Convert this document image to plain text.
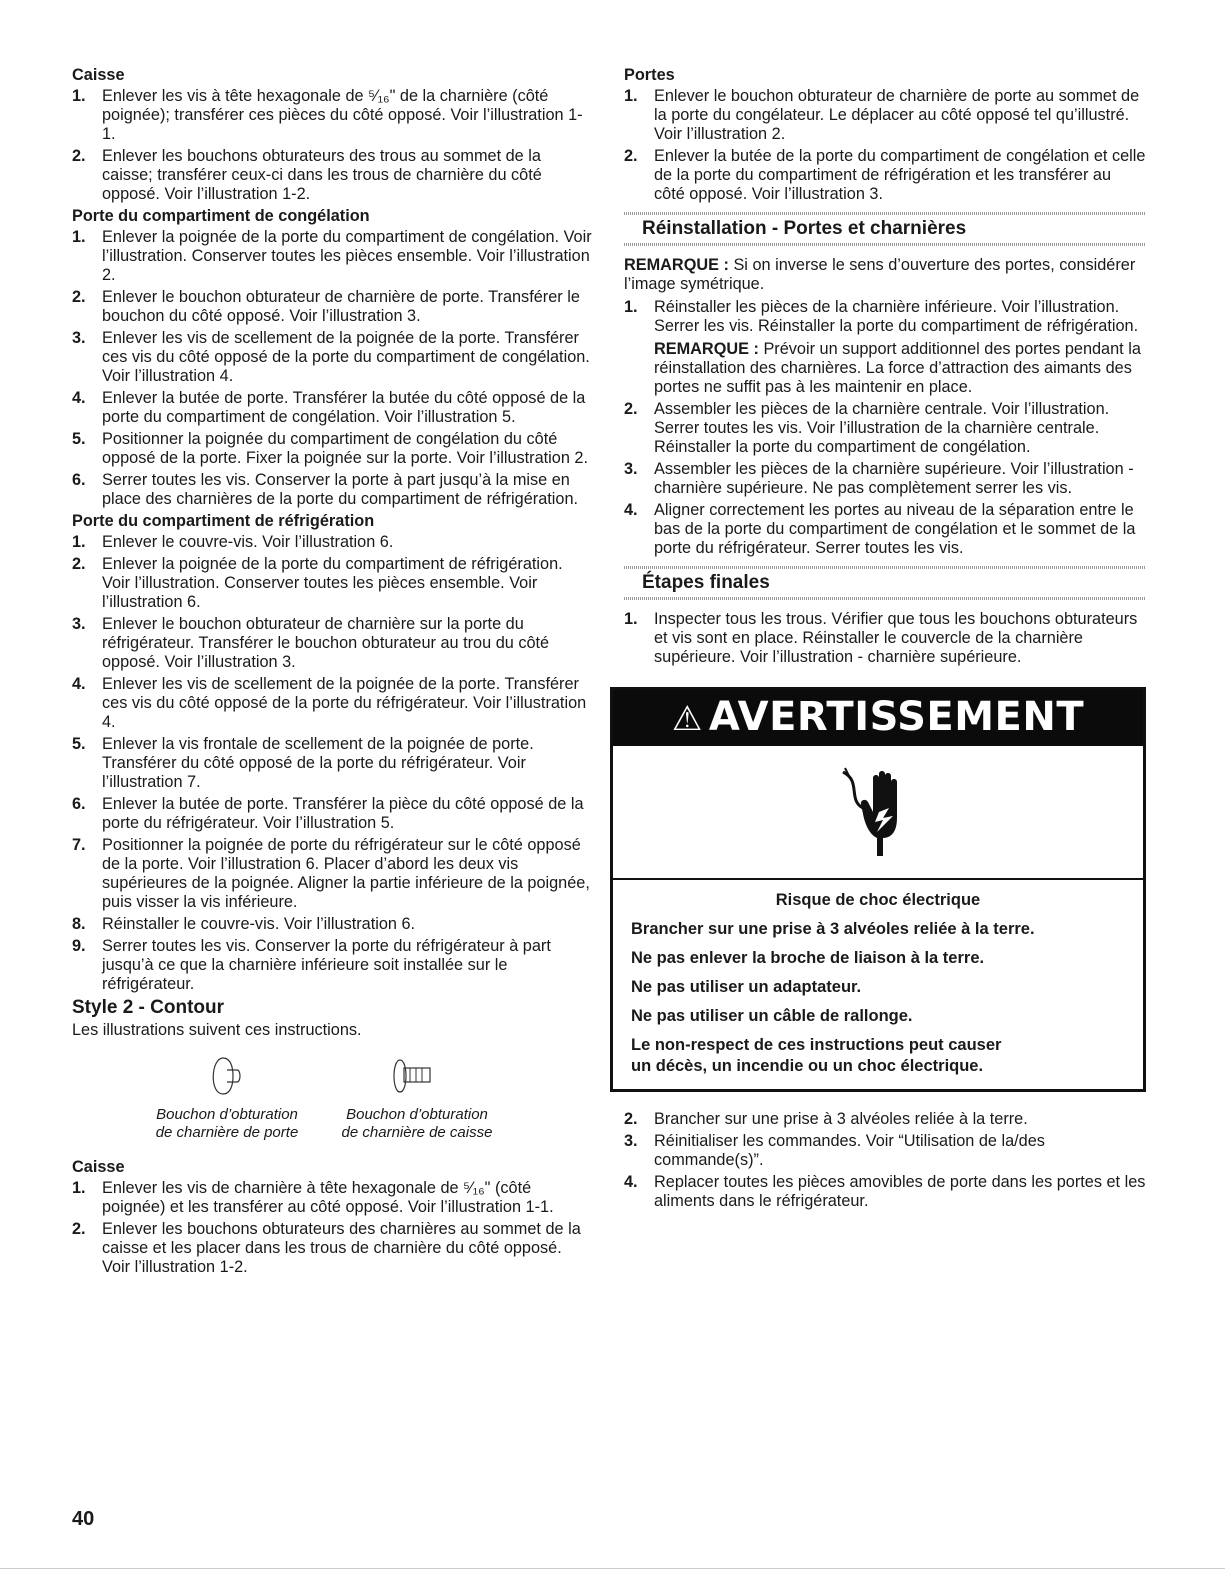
Caisse
1. Enlever les vis à tête hexagonale de ⁵⁄₁₆" de la charnière (côté poignée); transférer ces pièces du côté opposé. Voir l’illustration 1-1.
2. Enlever les bouchons obturateurs des trous au sommet de la caisse; transférer ceux-ci dans les trous de charnière du côté opposé. Voir l’illustration 1-2.
Porte du compartiment de congélation
1. Enlever la poignée de la porte du compartiment de congélation. Voir l’illustration. Conserver toutes les pièces ensemble. Voir l’illustration 2.
2. Enlever le bouchon obturateur de charnière de porte. Transférer le bouchon du côté opposé. Voir l’illustration 3.
3. Enlever les vis de scellement de la poignée de la porte. Transférer ces vis du côté opposé de la porte du compartiment de congélation. Voir l’illustration 4.
4. Enlever la butée de porte. Transférer la butée du côté opposé de la porte du compartiment de congélation. Voir l’illustration 5.
5. Positionner la poignée du compartiment de congélation du côté opposé de la porte. Fixer la poignée sur la porte. Voir l’illustration 2.
6. Serrer toutes les vis. Conserver la porte à part jusqu’à la mise en place des charnières de la porte du compartiment de réfrigération.
Porte du compartiment de réfrigération
1. Enlever le couvre-vis. Voir l’illustration 6.
2. Enlever la poignée de la porte du compartiment de réfrigération. Voir l’illustration. Conserver toutes les pièces ensemble. Voir l’illustration 6.
3. Enlever le bouchon obturateur de charnière sur la porte du réfrigérateur. Transférer le bouchon obturateur au trou du côté opposé. Voir l’illustration 3.
4. Enlever les vis de scellement de la poignée de la porte. Transférer ces vis du côté opposé de la porte du réfrigérateur. Voir l’illustration 4.
5. Enlever la vis frontale de scellement de la poignée de porte. Transférer du côté opposé de la porte du réfrigérateur. Voir l’illustration 7.
6. Enlever la butée de porte. Transférer la pièce du côté opposé de la porte du réfrigérateur. Voir l’illustration 5.
7. Positionner la poignée de porte du réfrigérateur sur le côté opposé de la porte. Voir l’illustration 6. Placer d’abord les deux vis supérieures de la poignée. Aligner la partie inférieure de la poignée, puis visser la vis inférieure.
8. Réinstaller le couvre-vis. Voir l’illustration 6.
9. Serrer toutes les vis. Conserver la porte du réfrigérateur à part jusqu’à ce que la charnière inférieure soit installée sur le réfrigérateur.
Style 2 - Contour
Les illustrations suivent ces instructions.
Bouchon d’obturation
de charnière de porte
Bouchon d’obturation
de charnière de caisse
Caisse
1. Enlever les vis de charnière à tête hexagonale de ⁵⁄₁₆" (côté poignée) et les transférer au côté opposé. Voir l’illustration 1-1.
2. Enlever les bouchons obturateurs des charnières au sommet de la caisse et les placer dans les trous de charnière du côté opposé. Voir l’illustration 1-2.
Portes
1. Enlever le bouchon obturateur de charnière de porte au sommet de la porte du congélateur. Le déplacer au côté opposé tel qu’illustré. Voir l’illustration 2.
2. Enlever la butée de la porte du compartiment de congélation et celle de la porte du compartiment de réfrigération et les transférer au côté opposé. Voir l’illustration 3.
Réinstallation - Portes et charnières
REMARQUE : Si on inverse le sens d’ouverture des portes, considérer l’image symétrique.
1. Réinstaller les pièces de la charnière inférieure. Voir l’illustration. Serrer les vis. Réinstaller la porte du compartiment de réfrigération.
REMARQUE : Prévoir un support additionnel des portes pendant la réinstallation des charnières. La force d’attraction des aimants des portes ne suffit pas à les maintenir en place.
2. Assembler les pièces de la charnière centrale. Voir l’illustration. Serrer toutes les vis. Voir l’illustration de la charnière centrale. Réinstaller la porte du compartiment de congélation.
3. Assembler les pièces de la charnière supérieure. Voir l’illustration - charnière supérieure. Ne pas complètement serrer les vis.
4. Aligner correctement les portes au niveau de la séparation entre le bas de la porte du compartiment de congélation et le sommet de la porte du réfrigérateur. Serrer toutes les vis.
Étapes finales
1. Inspecter tous les trous. Vérifier que tous les bouchons obturateurs et vis sont en place. Réinstaller le couvercle de la charnière supérieure. Voir l’illustration - charnière supérieure.
⚠ AVERTISSEMENT
Risque de choc électrique
Brancher sur une prise à 3 alvéoles reliée à la terre.
Ne pas enlever la broche de liaison à la terre.
Ne pas utiliser un adaptateur.
Ne pas utiliser un câble de rallonge.
Le non-respect de ces instructions peut causer
un décès, un incendie ou un choc électrique.
2. Brancher sur une prise à 3 alvéoles reliée à la terre.
3. Réinitialiser les commandes. Voir “Utilisation de la/des commande(s)”.
4. Replacer toutes les pièces amovibles de porte dans les portes et les aliments dans le réfrigérateur.
40
